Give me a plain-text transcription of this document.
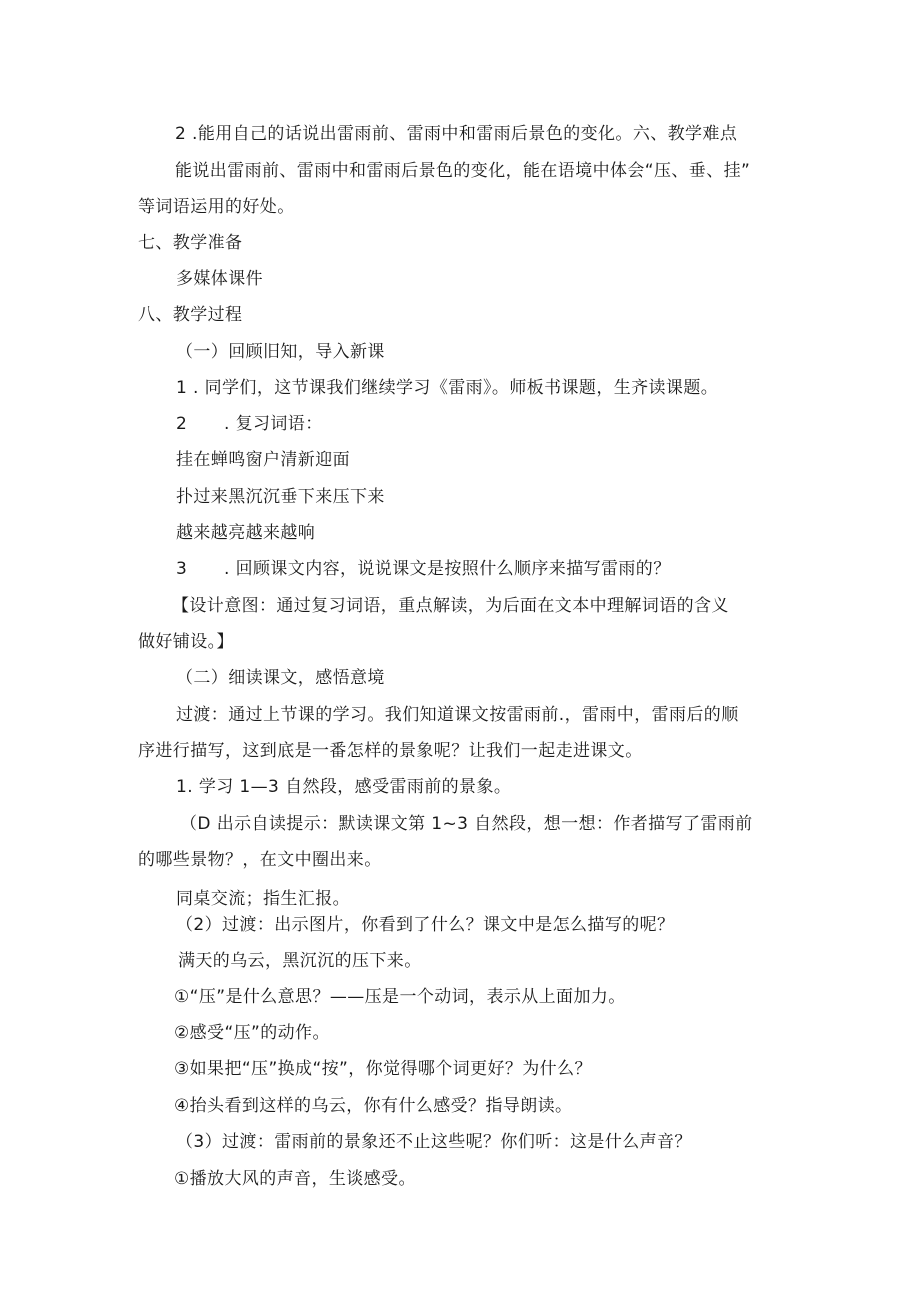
2 .能用自己的话说出雷雨前、雷雨中和雷雨后景色的变化。六、教学难点
能说出雷雨前、雷雨中和雷雨后景色的变化，能在语境中体会“压、垂、挂”
等词语运用的好处。
七、教学准备
多媒体课件
八、教学过程
（一）回顾旧知，导入新课
1 . 同学们，这节课我们继续学习《雷雨》。师板书课题，生齐读课题。
2 . 复习词语：
挂在蝉鸣窗户清新迎面
扑过来黑沉沉垂下来压下来
越来越亮越来越响
3 . 回顾课文内容，说说课文是按照什么顺序来描写雷雨的？
【设计意图：通过复习词语，重点解读，为后面在文本中理解词语的含义
做好铺设。】
（二）细读课文，感悟意境
过渡：通过上节课的学习。我们知道课文按雷雨前.，雷雨中，雷雨后的顺
序进行描写，这到底是一番怎样的景象呢？让我们一起走进课文。
1. 学习 1—3 自然段，感受雷雨前的景象。
（D 出示自读提示：默读课文第 1~3 自然段，想一想：作者描写了雷雨前
的哪些景物？，在文中圈出来。
同桌交流；指生汇报。
（2）过渡：出示图片，你看到了什么？课文中是怎么描写的呢？
满天的乌云，黑沉沉的压下来。
①“压”是什么意思？——压是一个动词，表示从上面加力。
②感受“压”的动作。
③如果把“压”换成“按”，你觉得哪个词更好？为什么？
④抬头看到这样的乌云，你有什么感受？指导朗读。
（3）过渡：雷雨前的景象还不止这些呢？你们听：这是什么声音？
①播放大风的声音，生谈感受。
